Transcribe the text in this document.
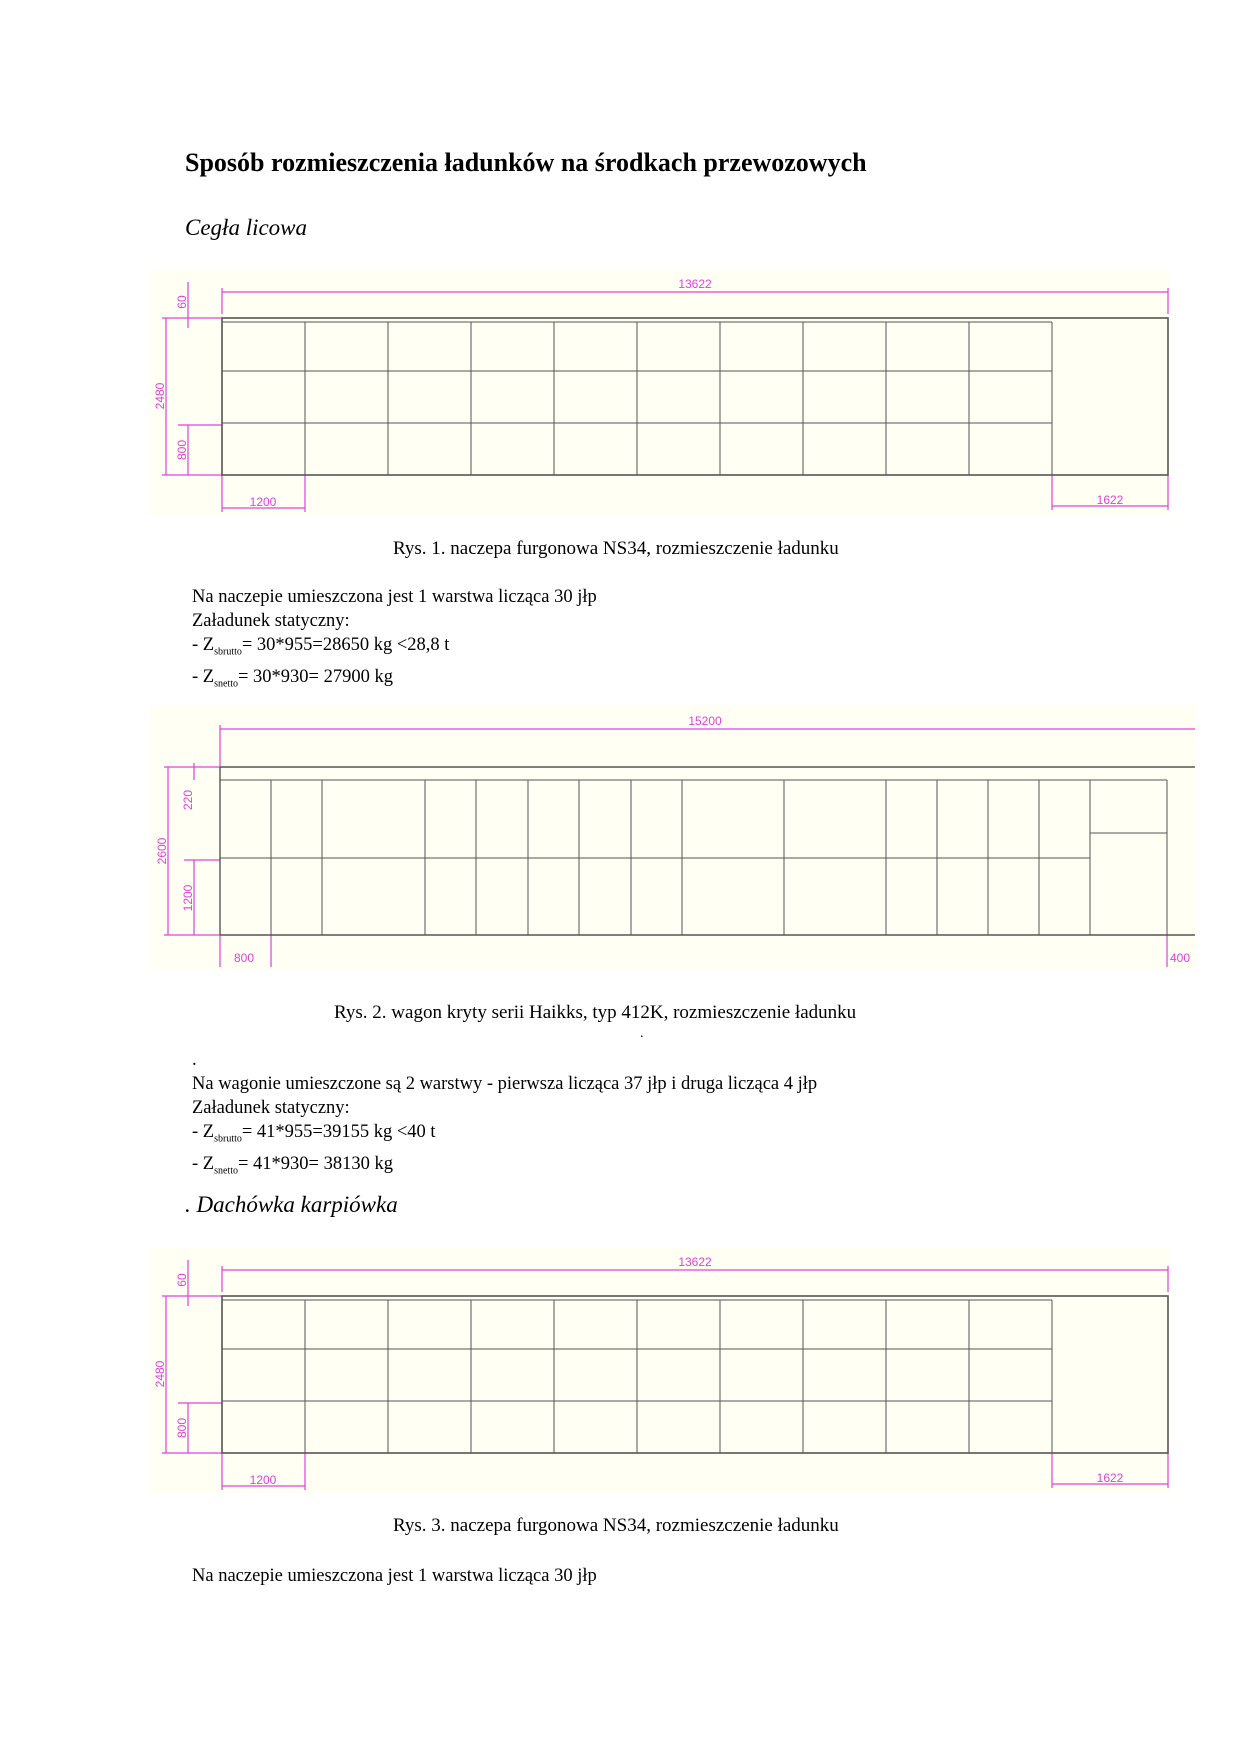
Sposób rozmieszczenia ładunków na środkach przewozowych
Cegła licowa
13622
60
2480
800
1200	1622
Rys. 1. naczepa furgonowa NS34, rozmieszczenie ładunku
Na naczepie umieszczona jest 1 warstwa licząca 30 jłp
Załadunek statyczny:
- $Z_{sbrutto}= 30*955=28650$ kg <28,8 t
- $Z_{snetto}= 30*930= 27900$ kg
15200
220
2600
1200
800	400
Rys. 2. wagon kryty serii Haikks, typ 412K, rozmieszczenie ładunku
.
.
Na wagonie umieszczone są 2 warstwy - pierwsza licząca 37 jłp i druga licząca 4 jłp
Załadunek statyczny:
- $Z_{sbrutto}= 41*955=39155$ kg <40 t
- $Z_{snetto}= 41*930= 38130$ kg
. Dachówka karpiówka
13622
60
2480
800
1200	1622
Rys. 3. naczepa furgonowa NS34, rozmieszczenie ładunku
Na naczepie umieszczona jest 1 warstwa licząca 30 jłp
